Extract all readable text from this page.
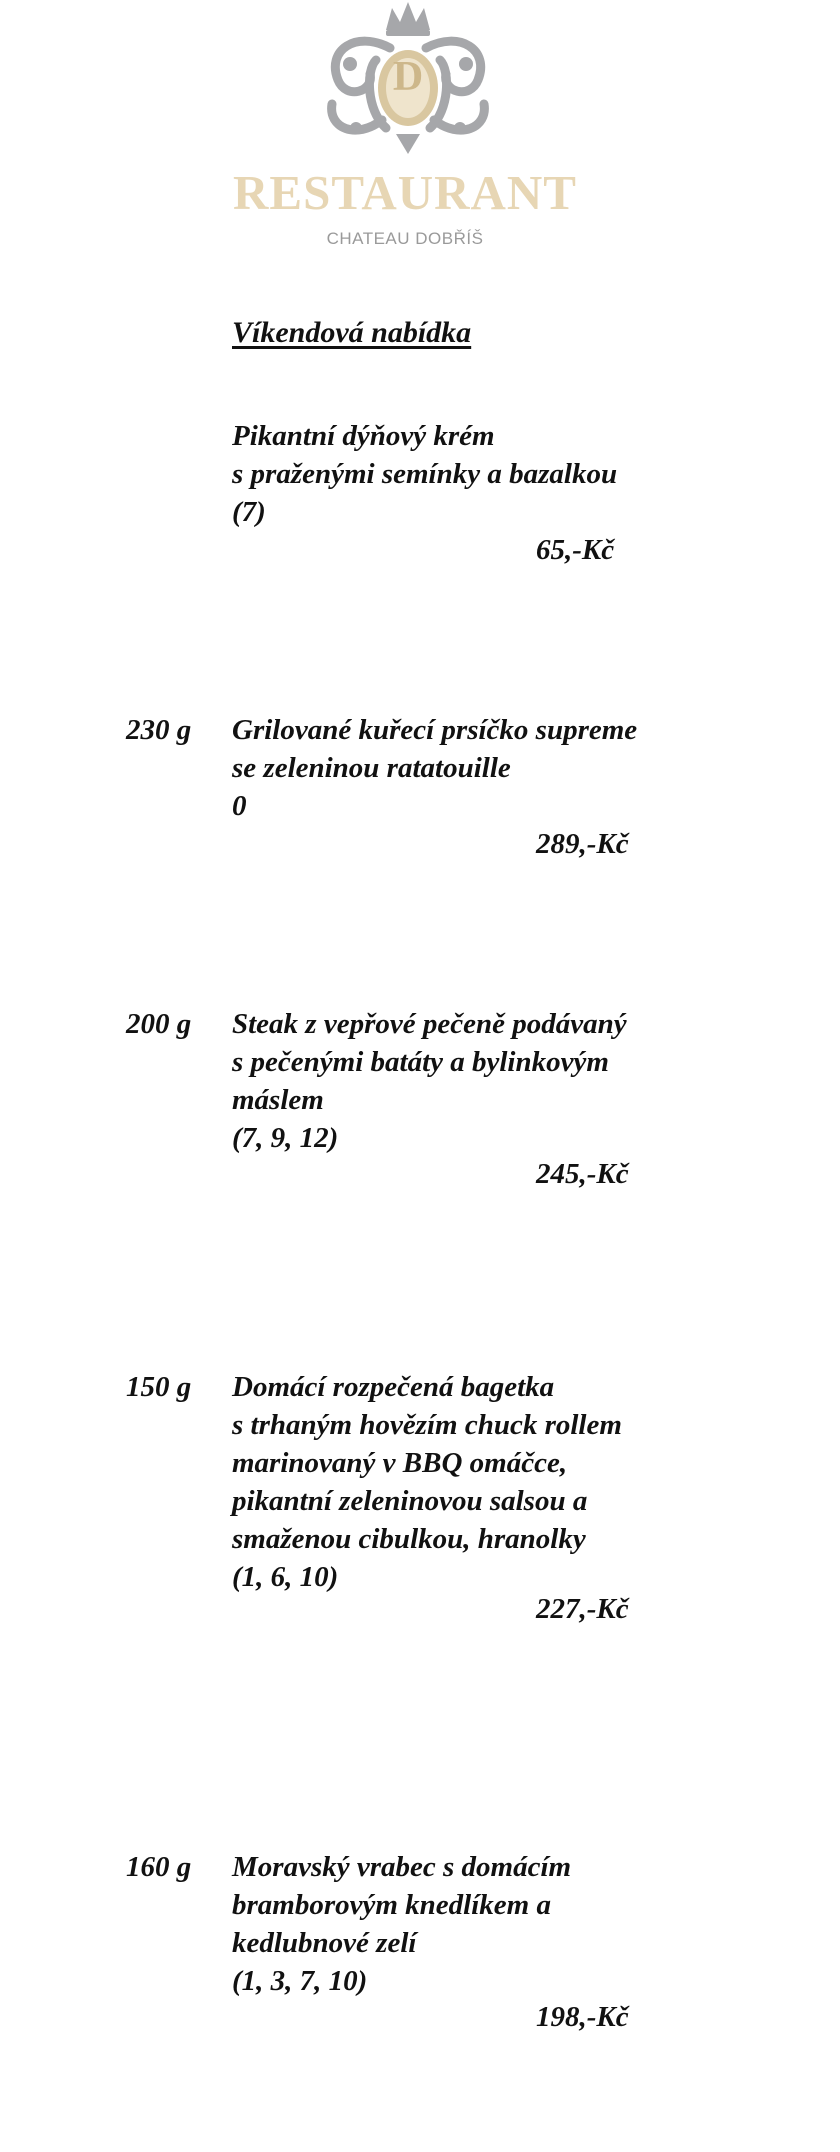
D
RESTAURANT
CHATEAU DOBŘÍŠ
Víkendová nabídka
Pikantní dýňový krém
s praženými semínky a bazalkou
(7)
65,-Kč
230 g Grilované kuřecí prsíčko supreme
se zeleninou ratatouille
0
289,-Kč
200 g Steak z vepřové pečeně podávaný
s pečenými batáty a bylinkovým
máslem
(7, 9, 12)
245,-Kč
150 g Domácí rozpečená bagetka
s trhaným hovězím chuck rollem
marinovaný v BBQ omáčce,
pikantní zeleninovou salsou a
smaženou cibulkou, hranolky
(1, 6, 10)
227,-Kč
160 g Moravský vrabec s domácím
bramborovým knedlíkem a
kedlubnové zelí
(1, 3, 7, 10)
198,-Kč
